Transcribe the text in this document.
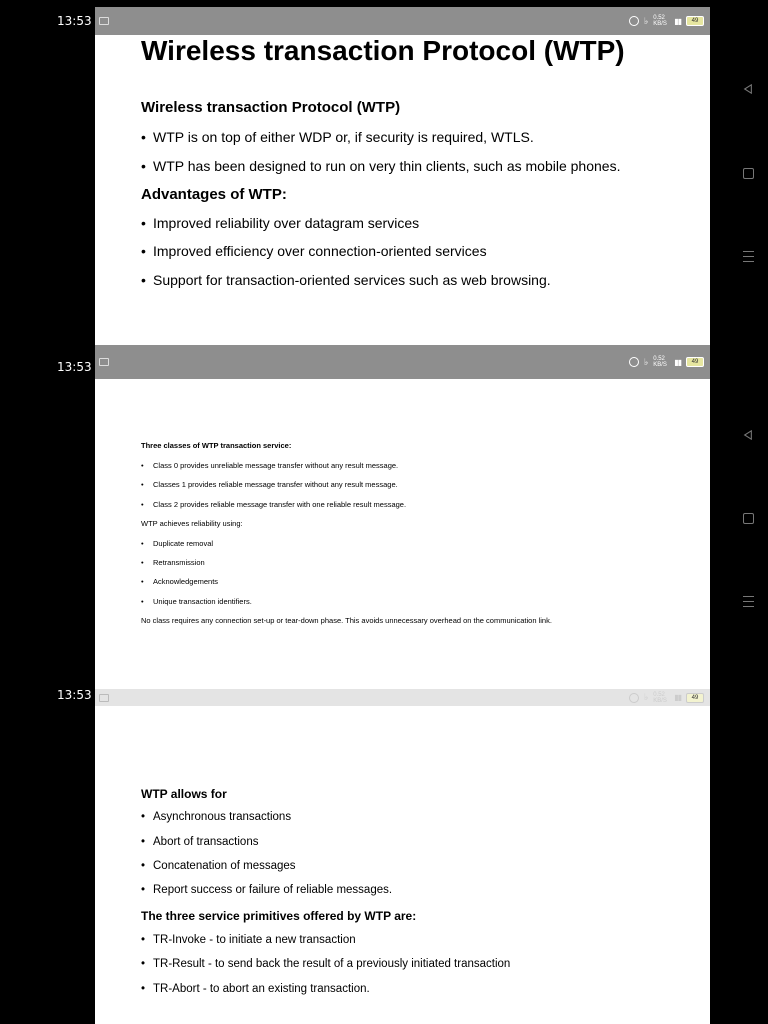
13:53	♭ 0.52 KB/S ▮▮	49
Wireless transaction Protocol (WTP)
Wireless transaction Protocol (WTP)
• WTP is on top of either WDP or, if security is required, WTLS.
• WTP has been designed to run on very thin clients, such as mobile phones.
Advantages of WTP:
• Improved reliability over datagram services
• Improved efficiency over connection-oriented services
• Support for transaction-oriented services such as web browsing.
13:53	♭ 0.52 KB/S ▮▮	49
Three classes of WTP transaction service:
• Class 0 provides unreliable message transfer without any result message.
• Classes 1 provides reliable message transfer without any result message.
• Class 2 provides reliable message transfer with one reliable result message.
WTP achieves reliability using:
• Duplicate removal
• Retransmission
• Acknowledgements
• Unique transaction identifiers.
No class requires any connection set-up or tear-down phase. This avoids unnecessary overhead on the communication link.
13:53	♭ 0.52 KB/S ▮▮	49
WTP allows for
• Asynchronous transactions
• Abort of transactions
• Concatenation of messages
• Report success or failure of reliable messages.
The three service primitives offered by WTP are:
• TR-Invoke - to initiate a new transaction
• TR-Result - to send back the result of a previously initiated transaction
• TR-Abort - to abort an existing transaction.
